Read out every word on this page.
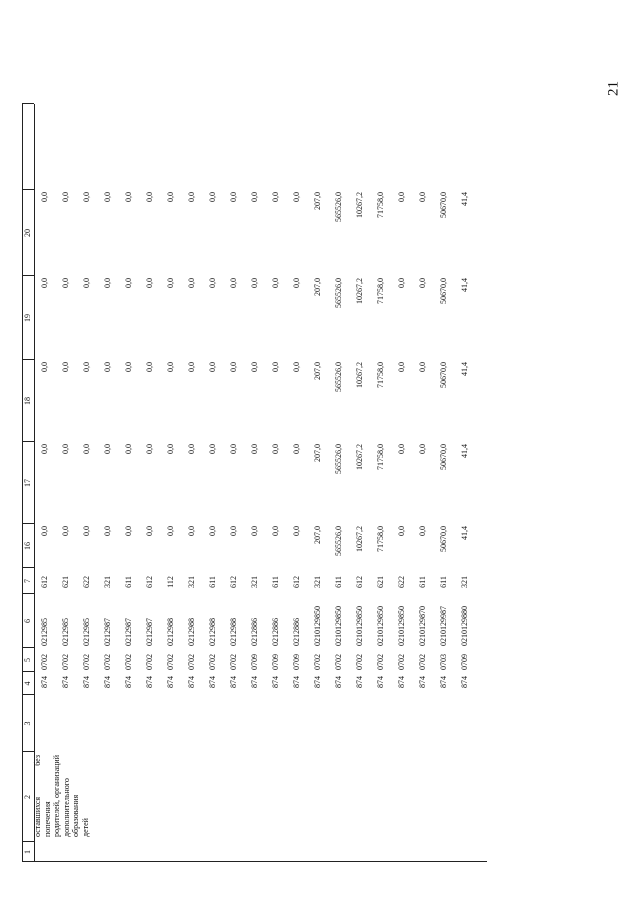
21
оставшихся без попечения родителей, организаций дополнительного образования детей
1
2
3
4
5
6
7
16
17
18
19
20
874
0702
0212985
612
0,0
0,0
0,0
0,0
0,0
874
0702
0212985
621
0,0
0,0
0,0
0,0
0,0
874
0702
0212985
622
0,0
0,0
0,0
0,0
0,0
874
0702
0212987
321
0,0
0,0
0,0
0,0
0,0
874
0702
0212987
611
0,0
0,0
0,0
0,0
0,0
874
0702
0212987
612
0,0
0,0
0,0
0,0
0,0
874
0702
0212988
112
0,0
0,0
0,0
0,0
0,0
874
0702
0212988
321
0,0
0,0
0,0
0,0
0,0
874
0702
0212988
611
0,0
0,0
0,0
0,0
0,0
874
0702
0212988
612
0,0
0,0
0,0
0,0
0,0
874
0709
0212886
321
0,0
0,0
0,0
0,0
0,0
874
0709
0212886
611
0,0
0,0
0,0
0,0
0,0
874
0709
0212886
612
0,0
0,0
0,0
0,0
0,0
874
0702
0210129850
321
207,0
207,0
207,0
207,0
207,0
874
0702
0210129850
611
565526,0
565526,0
565526,0
565526,0
565526,0
874
0702
0210129850
612
10267,2
10267,2
10267,2
10267,2
10267,2
874
0702
0210129850
621
71758,0
71758,0
71758,0
71758,0
71758,0
874
0702
0210129850
622
0,0
0,0
0,0
0,0
0,0
874
0702
0210129870
611
0,0
0,0
0,0
0,0
0,0
874
0703
0210129987
611
50670,0
50670,0
50670,0
50670,0
50670,0
874
0709
0210129880
321
41,4
41,4
41,4
41,4
41,4
